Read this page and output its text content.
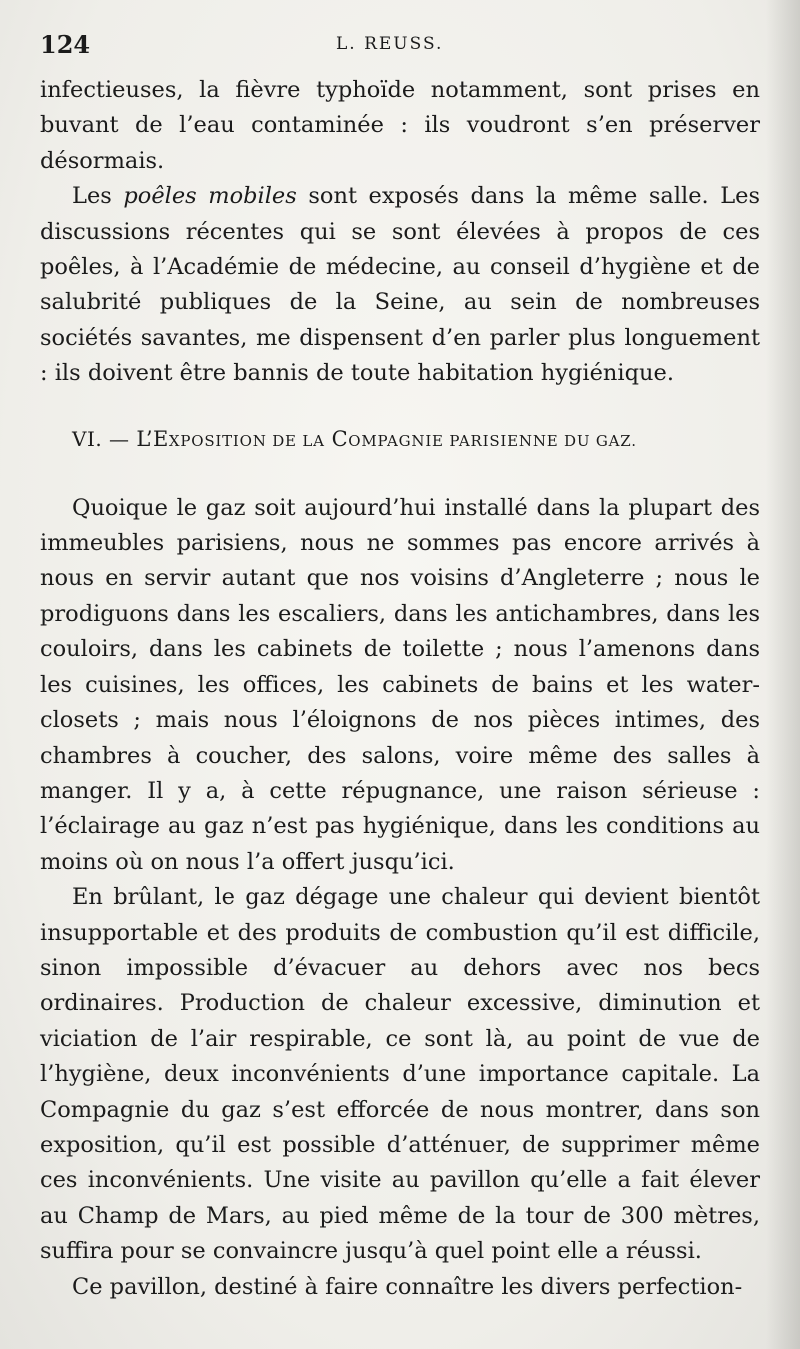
124	L. REUSS.

infectieuses, la fièvre typhoïde notamment, sont prises en buvant de l’eau contaminée : ils voudront s’en préserver désormais.

Les poêles mobiles sont exposés dans la même salle. Les discussions récentes qui se sont élevées à propos de ces poêles, à l’Académie de médecine, au conseil d’hygiène et de salubrité publiques de la Seine, au sein de nombreuses sociétés savantes, me dispensent d’en parler plus longuement : ils doivent être bannis de toute habitation hygiénique.

VI. — L’EXPOSITION DE LA COMPAGNIE PARISIENNE DU GAZ.

Quoique le gaz soit aujourd’hui installé dans la plupart des immeubles parisiens, nous ne sommes pas encore arrivés à nous en servir autant que nos voisins d’Angleterre ; nous le prodiguons dans les escaliers, dans les antichambres, dans les couloirs, dans les cabinets de toilette ; nous l’amenons dans les cuisines, les offices, les cabinets de bains et les water-closets ; mais nous l’éloignons de nos pièces intimes, des chambres à coucher, des salons, voire même des salles à manger. Il y a, à cette répugnance, une raison sérieuse : l’éclairage au gaz n’est pas hygiénique, dans les conditions au moins où on nous l’a offert jusqu’ici.

En brûlant, le gaz dégage une chaleur qui devient bientôt insupportable et des produits de combustion qu’il est difficile, sinon impossible d’évacuer au dehors avec nos becs ordinaires. Production de chaleur excessive, diminution et viciation de l’air respirable, ce sont là, au point de vue de l’hygiène, deux inconvénients d’une importance capitale. La Compagnie du gaz s’est efforcée de nous montrer, dans son exposition, qu’il est possible d’atténuer, de supprimer même ces inconvénients. Une visite au pavillon qu’elle a fait élever au Champ de Mars, au pied même de la tour de 300 mètres, suffira pour se convaincre jusqu’à quel point elle a réussi.

Ce pavillon, destiné à faire connaître les divers perfection-
